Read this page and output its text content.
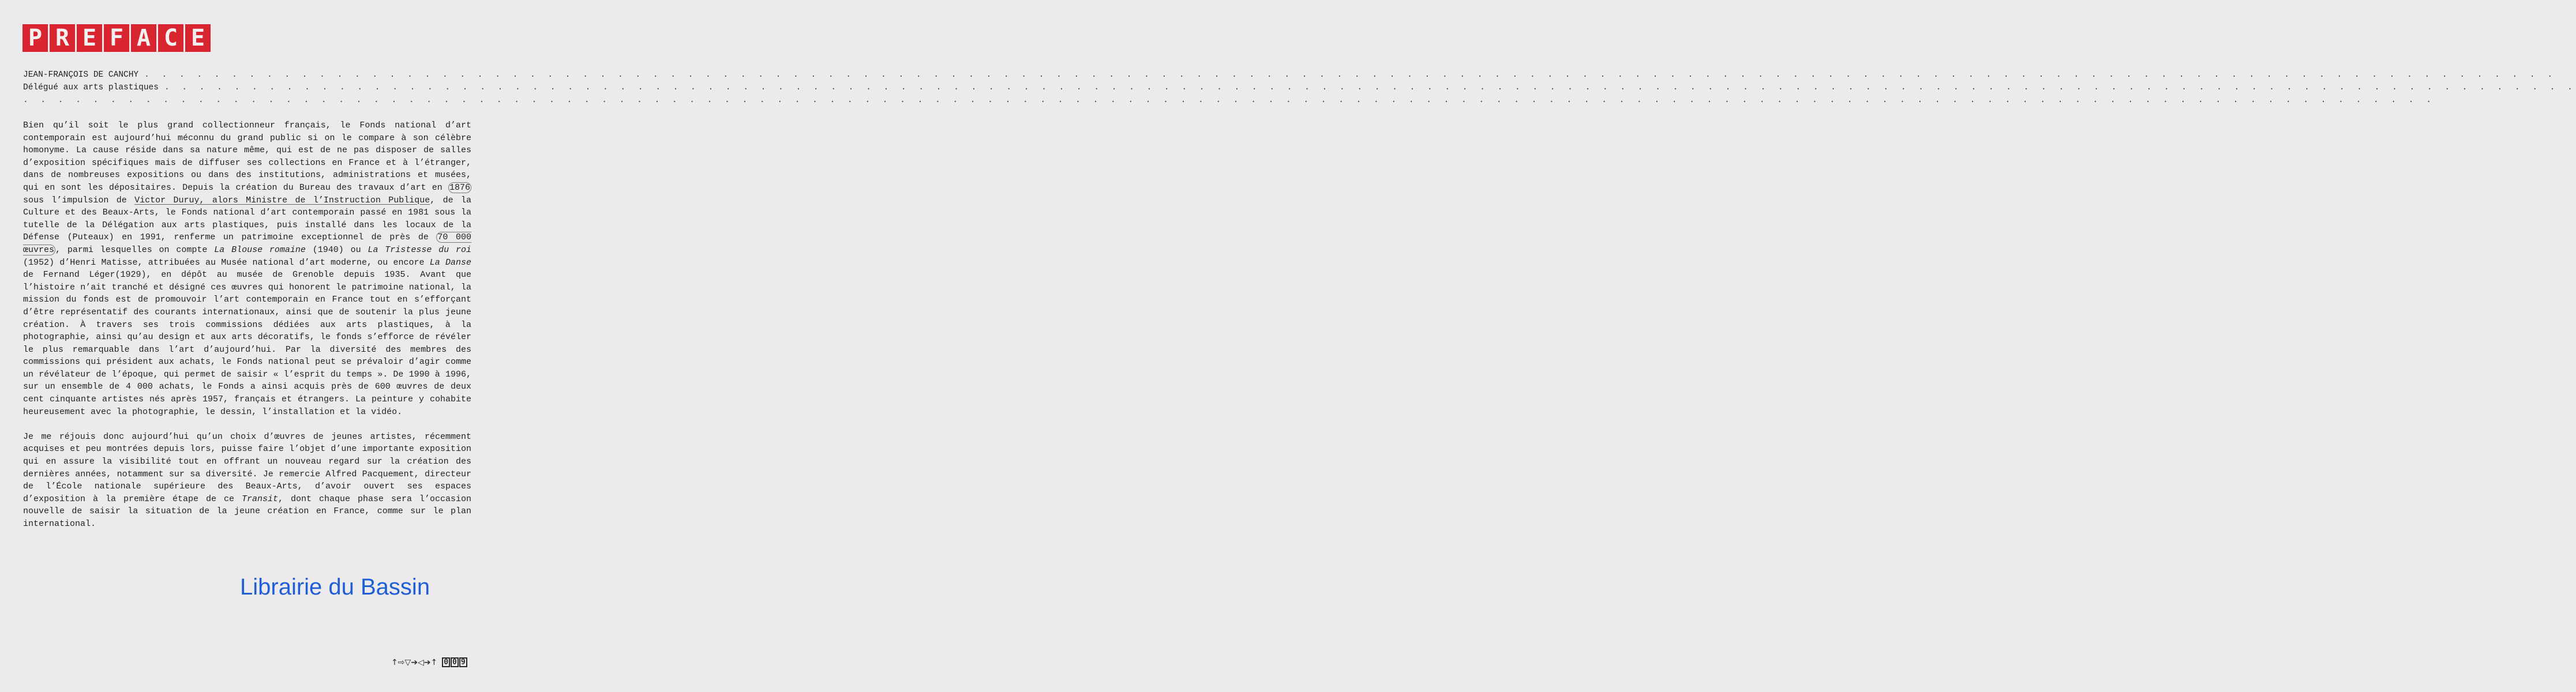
P R E F A C E
JEAN-FRANÇOIS DE CANCHY . . . . . . . . . . . . . . . . . . . . . . . . . . . . . . . . . . . . . . . . . . . . . . . . . . . . . . . . . . . . . . . . . . . . . . . . . . . . . . . . . . . . . . . . . . . . . . . . . . . . . . . . . . . . . . . . . . . . . . . . . . . . . . . . . . . . . . . . . .
Délégué aux arts plastiques . . . . . . . . . . . . . . . . . . . . . . . . . . . . . . . . . . . . . . . . . . . . . . . . . . . . . . . . . . . . . . . . . . . . . . . . . . . . . . . . . . . . . . . . . . . . . . . . . . . . . . . . . . . . . . . . . . . . . . . . . . . . . . . . . . . . . . . . . .
. . . . . . . . . . . . . . . . . . . . . . . . . . . . . . . . . . . . . . . . . . . . . . . . . . . . . . . . . . . . . . . . . . . . . . . . . . . . . . . . . . . . . . . . . . . . . . . . . . . . . . . . . . . . . . . . . . . . . . . . . . . . . . . . . . . . . . . . . .

Bien qu’il soit le plus grand collectionneur français, le Fonds national d’art contemporain est aujourd’hui méconnu du grand public si on le compare à son célèbre homonyme. La cause réside dans sa nature même, qui est de ne pas disposer de salles d’exposition spécifiques mais de diffuser ses collections en France et à l’étranger, dans de nombreuses expositions ou dans des institutions, administrations et musées, qui en sont les dépositaires. Depuis la création du Bureau des travaux d’art en 1876 sous l’impulsion de Victor Duruy, alors Ministre de l’Instruction Publique, de la Culture et des Beaux-Arts, le Fonds national d’art contemporain passé en 1981 sous la tutelle de la Délégation aux arts plastiques, puis installé dans les locaux de la Défense (Puteaux) en 1991, renferme un patrimoine exceptionnel de près de 70 000 œuvres , parmi lesquelles on compte La Blouse romaine (1940) ou La Tristesse du roi (1952) d’Henri Matisse, attribuées au Musée national d’art moderne, ou encore La Danse de Fernand Léger(1929), en dépôt au musée de Grenoble depuis 1935. Avant que l’histoire n’ait tranché et désigné ces œuvres qui honorent le patrimoine national, la mission du fonds est de promouvoir l’art contemporain en France tout en s’efforçant d’être représentatif des courants internationaux, ainsi que de soutenir la plus jeune création. À travers ses trois commissions dédiées aux arts plastiques, à la photographie, ainsi qu’au design et aux arts décoratifs, le fonds s’efforce de révéler le plus remarquable dans l’art d’aujourd’hui. Par la diversité des membres des commissions qui président aux achats, le Fonds national peut se prévaloir d’agir comme un révélateur de l’époque, qui permet de saisir « l’esprit du temps ». De 1990 à 1996, sur un ensemble de 4 000 achats, le Fonds a ainsi acquis près de 600 œuvres de deux cent cinquante artistes nés après 1957, français et étrangers. La peinture y cohabite heureusement avec la photographie, le dessin, l’installation et la vidéo.

Je me réjouis donc aujourd’hui qu’un choix d’œuvres de jeunes artistes, récemment acquises et peu montrées depuis lors, puisse faire l’objet d’une importante exposition qui en assure la visibilité tout en offrant un nouveau regard sur la création des dernières années, notamment sur sa diversité. Je remercie Alfred Pacquement, directeur de l’École nationale supérieure des Beaux-Arts, d’avoir ouvert ses espaces d’exposition à la première étape de ce Transit, dont chaque phase sera l’occasion nouvelle de saisir la situation de la jeune création en France, comme sur le plan international.

Librairie du Bassin
↑⇨▽➔◁➔↑ 0 0 9
